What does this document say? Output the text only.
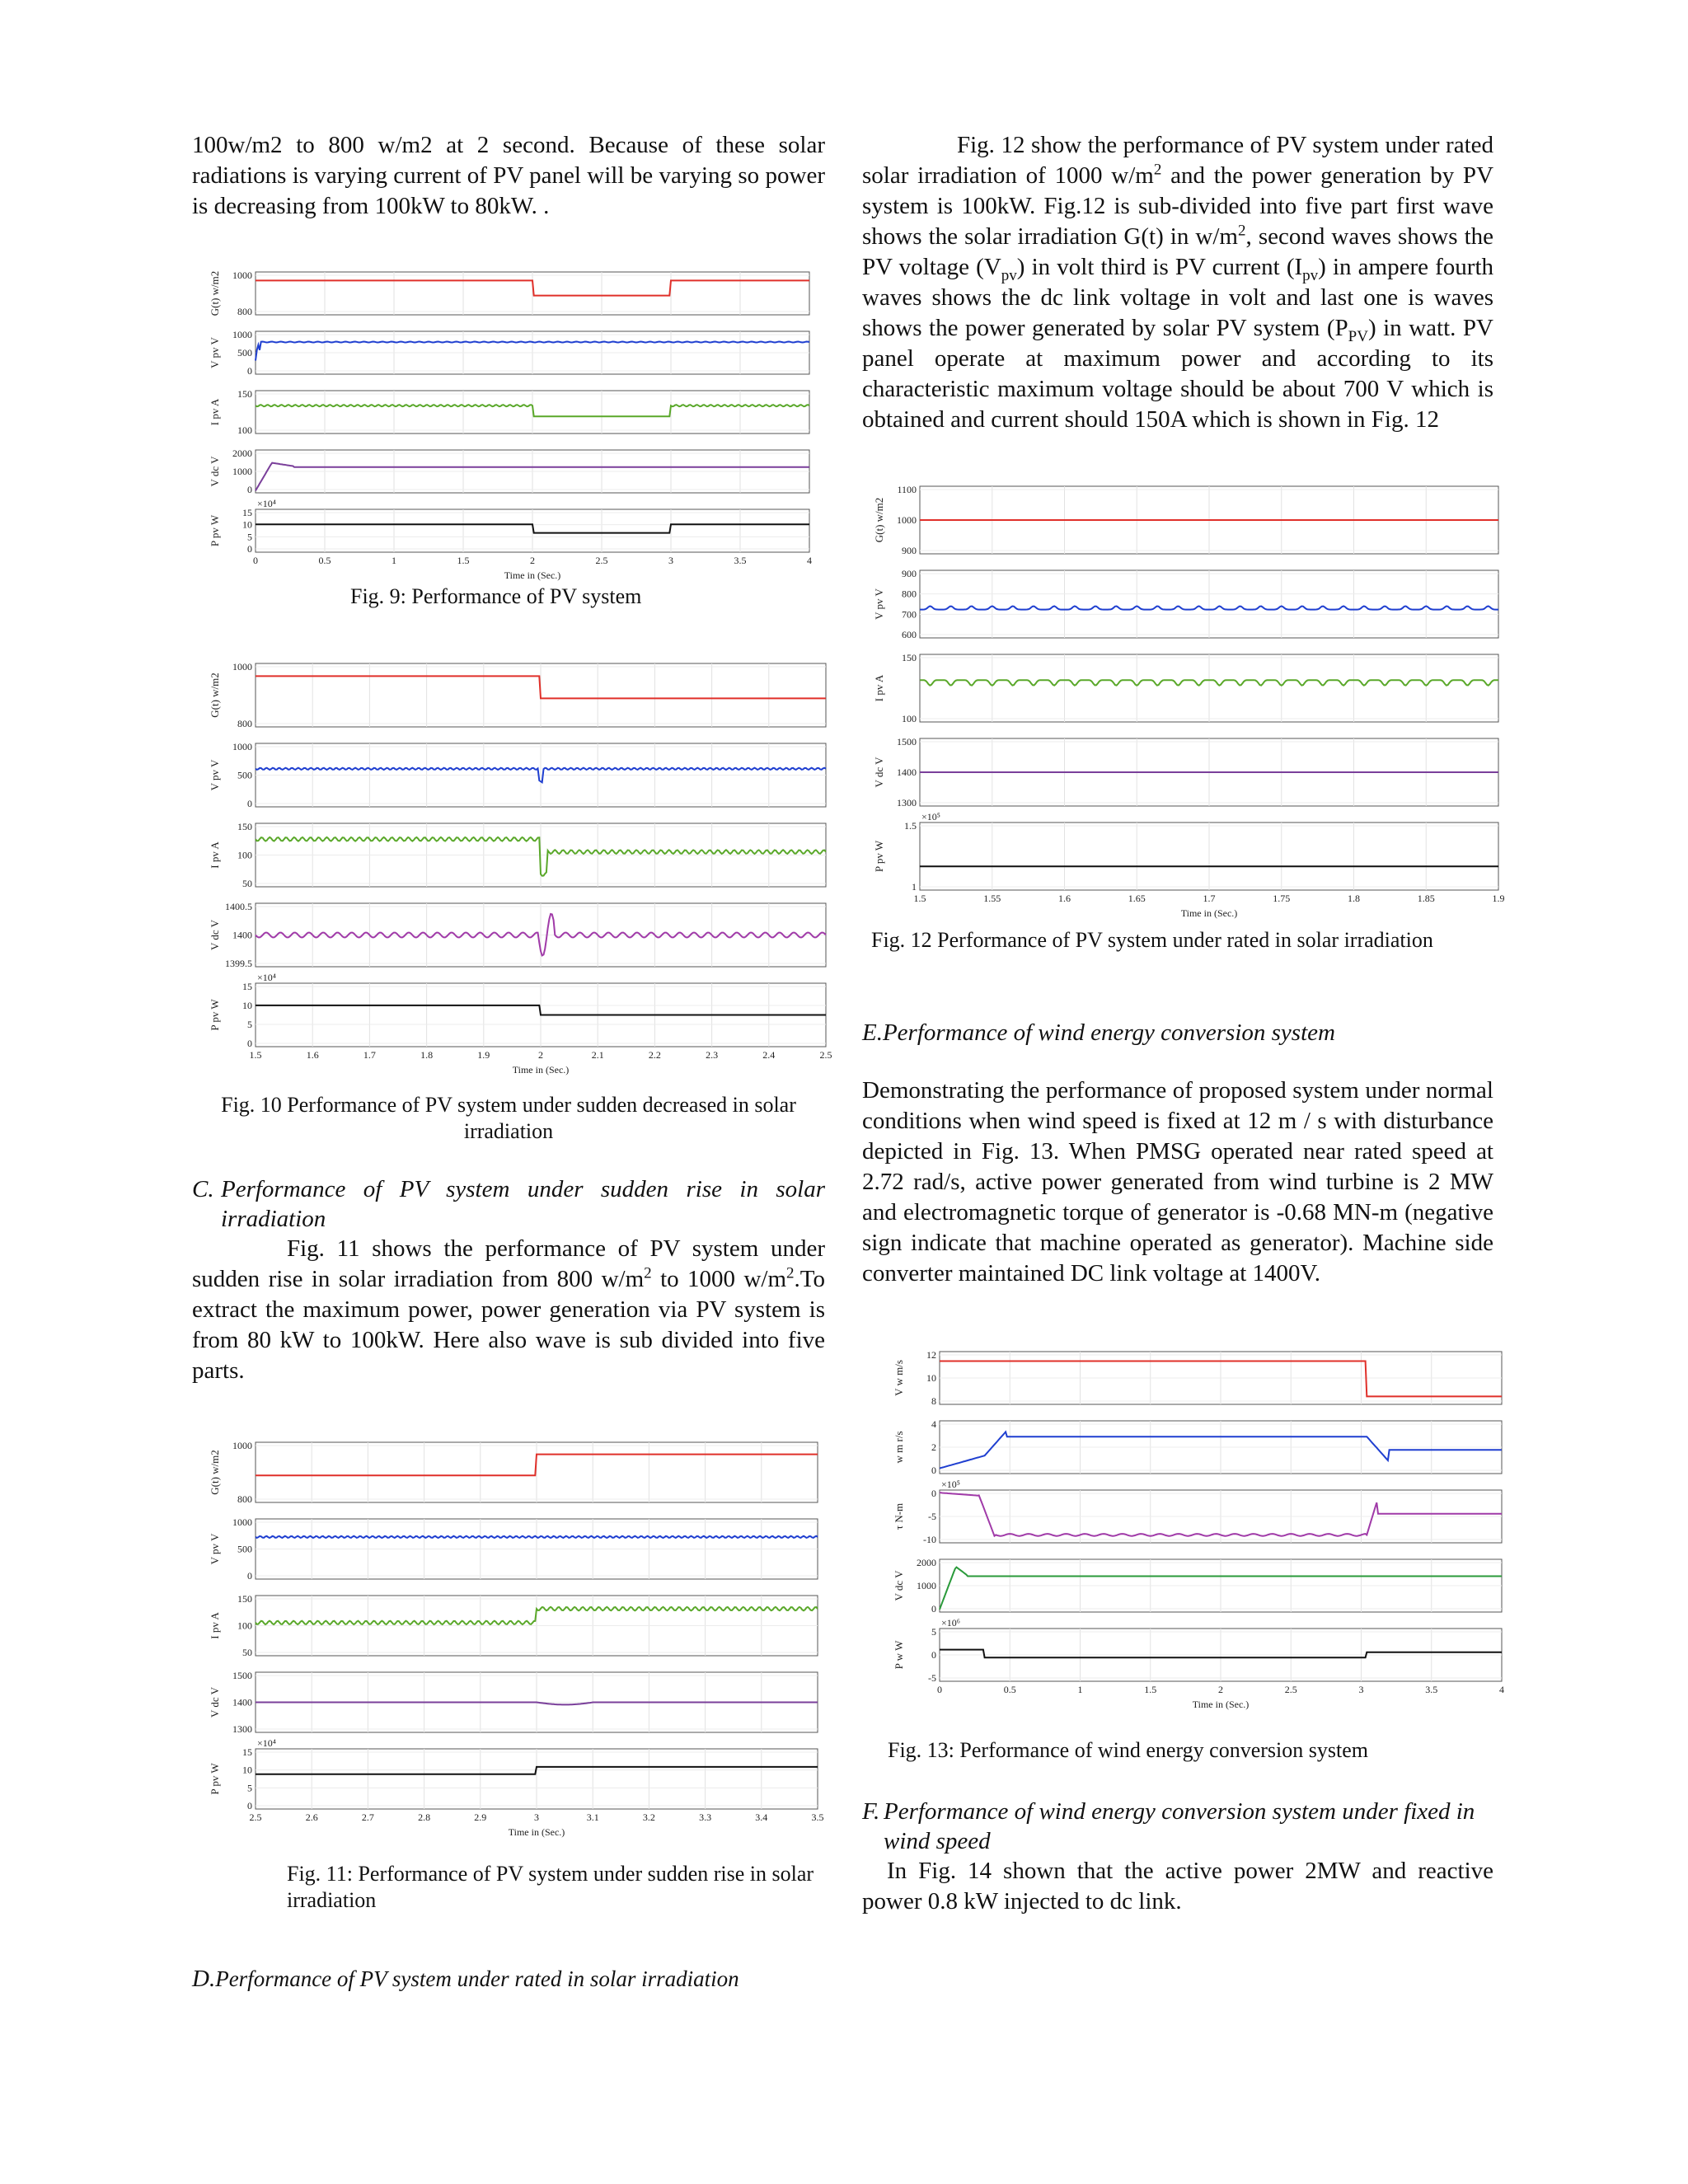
100w/m2 to 800 w/m2 at 2 second. Because of these solar radiations is varying current of PV panel will be varying so power is decreasing from 100kW to 80kW. .

1000
800
G(t) w/m2
1000
500
0
V pv V
150
100
I pv A
2000
1000
0
V dc V
15
10
5
0
×10⁴
P pv W
0	0.5	1	1.5	2	2.5	3	3.5	4
Time in (Sec.)

Fig. 9: Performance of PV system

1000
800
G(t) w/m2
1000
500
0
V pv V
150
100
50
I pv A
1400.5
1400
1399.5
V dc V
15
10
5
0
×10⁴
P pv W
1.5	1.6	1.7	1.8	1.9	2	2.1	2.2	2.3	2.4	2.5
Time in (Sec.)

Fig. 10 Performance of PV system under sudden decreased in solar irradiation

C. Performance of PV system under sudden rise in solar irradiation

Fig. 11 shows the performance of PV system under sudden rise in solar irradiation from 800 $w/m^2$ to 1000 $w/m^2.To$ extract the maximum power, power generation via PV system is from 80 kW to 100kW. Here also wave is sub divided into five parts.

1000
800
G(t) w/m2
1000
500
0
V pv V
150
100
50
I pv A
1500
1400
1300
V dc V
15
10
5
0
×10⁴
P pv W
2.5	2.6	2.7	2.8	2.9	3	3.1	3.2	3.3	3.4	3.5
Time in (Sec.)

Fig. 11: Performance of PV system under sudden rise in solar irradiation

D.Performance of PV system under rated in solar irradiation

Fig. 12 show the performance of PV system under rated solar irradiation of 1000 $w/m^2$ and the power generation by PV system is 100kW. Fig.12 is sub-divided into five part first wave shows the solar irradiation G(t) in $w/m^2$, second waves shows the PV voltage $(V_{pv})$ in volt third is PV current $(I_{pv})$ in ampere fourth waves shows the dc link voltage in volt and last one is waves shows the power generated by solar PV system $(P_{PV})$ in watt. PV panel operate at maximum power and according to its characteristic maximum voltage should be about 700 V which is obtained and current should 150A which is shown in Fig. 12

1100
1000
900
G(t) w/m2
900
800
700
600
V pv V
150
100
I pv A
1500
1400
1300
V dc V
1.5
1
×10⁵
P pv W
1.5	1.55	1.6	1.65	1.7	1.75	1.8	1.85	1.9
Time in (Sec.)

Fig. 12 Performance of PV system under rated in solar irradiation

E.Performance of wind energy conversion system

Demonstrating the performance of proposed system under normal conditions when wind speed is fixed at 12 m / s with disturbance depicted in Fig. 13. When PMSG operated near rated speed at 2.72 rad/s, active power generated from wind turbine is 2 MW and electromagnetic torque of generator is -0.68 MN-m (negative sign indicate that machine operated as generator). Machine side converter maintained DC link voltage at 1400V.

12
10
8
V w m/s
4
2
0
w m r/s
0
-5
-10
×10⁵
τ N-m
2000
1000
0
V dc V
5
0
-5
×10⁶
P w W
0	0.5	1	1.5	2	2.5	3	3.5	4
Time in (Sec.)

Fig. 13: Performance of wind energy conversion system

F. Performance of wind energy conversion system under fixed in wind speed

In Fig. 14 shown that the active power 2MW and reactive power 0.8 kW injected to dc link.
